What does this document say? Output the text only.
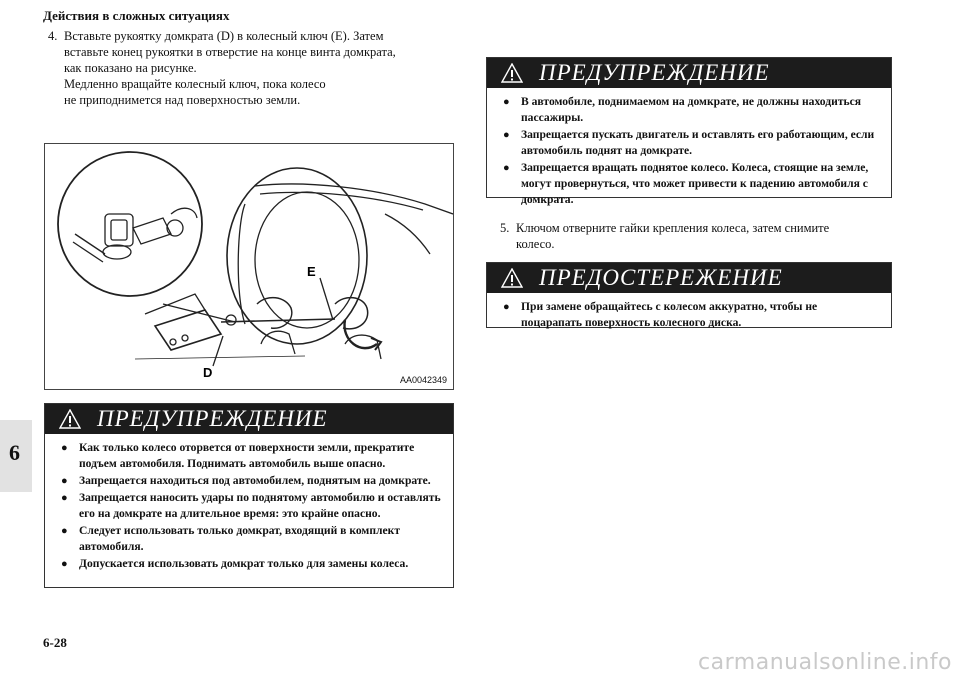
Действия в сложных ситуациях
6
6-28
carmanualsonline.info
4. Вставьте рукоятку домкрата (D) в колесный ключ (E). Затем
вставьте конец рукоятки в отверстие на конце винта домкрата,
как показано на рисунке.
Медленно вращайте колесный ключ, пока колесо
не приподнимется над поверхностью земли.
E
D	AA0042349
ПРЕДУПРЕЖДЕНИЕ
● Как только колесо оторвется от поверхности земли, прекратите подъем автомобиля. Поднимать автомобиль выше опасно.
● Запрещается находиться под автомобилем, поднятым на домкрате.
● Запрещается наносить удары по поднятому автомобилю и оставлять его на домкрате на длительное время: это крайне опасно.
● Следует использовать только домкрат, входящий в комплект автомобиля.
● Допускается использовать домкрат только для замены колеса.
ПРЕДУПРЕЖДЕНИЕ
● В автомобиле, поднимаемом на домкрате, не должны находиться пассажиры.
● Запрещается пускать двигатель и оставлять его работающим, если автомобиль поднят на домкрате.
● Запрещается вращать поднятое колесо. Колеса, стоящие на земле, могут провернуться, что может привести к падению автомобиля с домкрата.
5. Ключом отверните гайки крепления колеса, затем снимите
колесо.
ПРЕДОСТЕРЕЖЕНИЕ
● При замене обращайтесь с колесом аккуратно, чтобы не поцарапать поверхность колесного диска.
